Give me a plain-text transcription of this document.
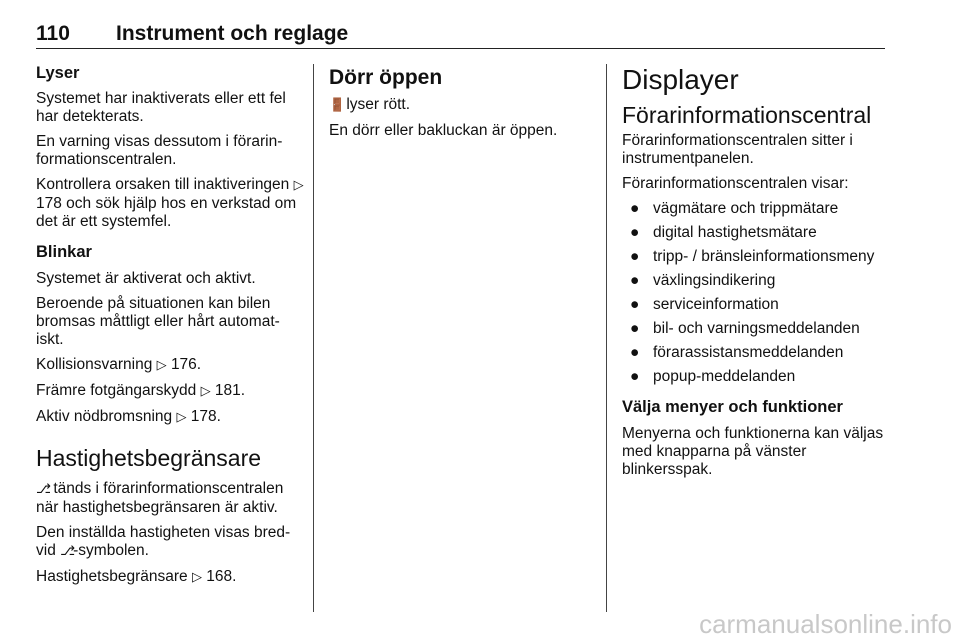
110 Instrument och reglage
Lyser

Systemet har inaktiverats eller ett fel har detekterats.

En varning visas dessutom i förarin-formationscentralen.

Kontrollera orsaken till inaktiveringen ▷ 178 och sök hjälp hos en verkstad om det är ett systemfel.

Blinkar

Systemet är aktiverat och aktivt.

Beroende på situationen kan bilen bromsas måttligt eller hårt automat-iskt.

Kollisionsvarning ▷ 176.

Främre fotgängarskydd ▷ 181.

Aktiv nödbromsning ▷ 178.

Hastighetsbegränsare

⎇ tänds i förarinformationscentralen när hastighetsbegränsaren är aktiv.

Den inställda hastigheten visas bred-vid ⎇-symbolen.

Hastighetsbegränsare ▷ 168.

Dörr öppen

🚪 lyser rött.

En dörr eller bakluckan är öppen.

Displayer
Förarinformationscentral

Förarinformationscentralen sitter i instrumentpanelen.

Förarinformationscentralen visar:

● vägmätare och trippmätare
● digital hastighetsmätare
● tripp- / bränsleinformationsmeny
● växlingsindikering
● serviceinformation
● bil- och varningsmeddelanden
● förarassistansmeddelanden
● popup-meddelanden
Välja menyer och funktioner

Menyerna och funktionerna kan väljas med knapparna på vänster blinkersspak.

carmanualsonline.info
